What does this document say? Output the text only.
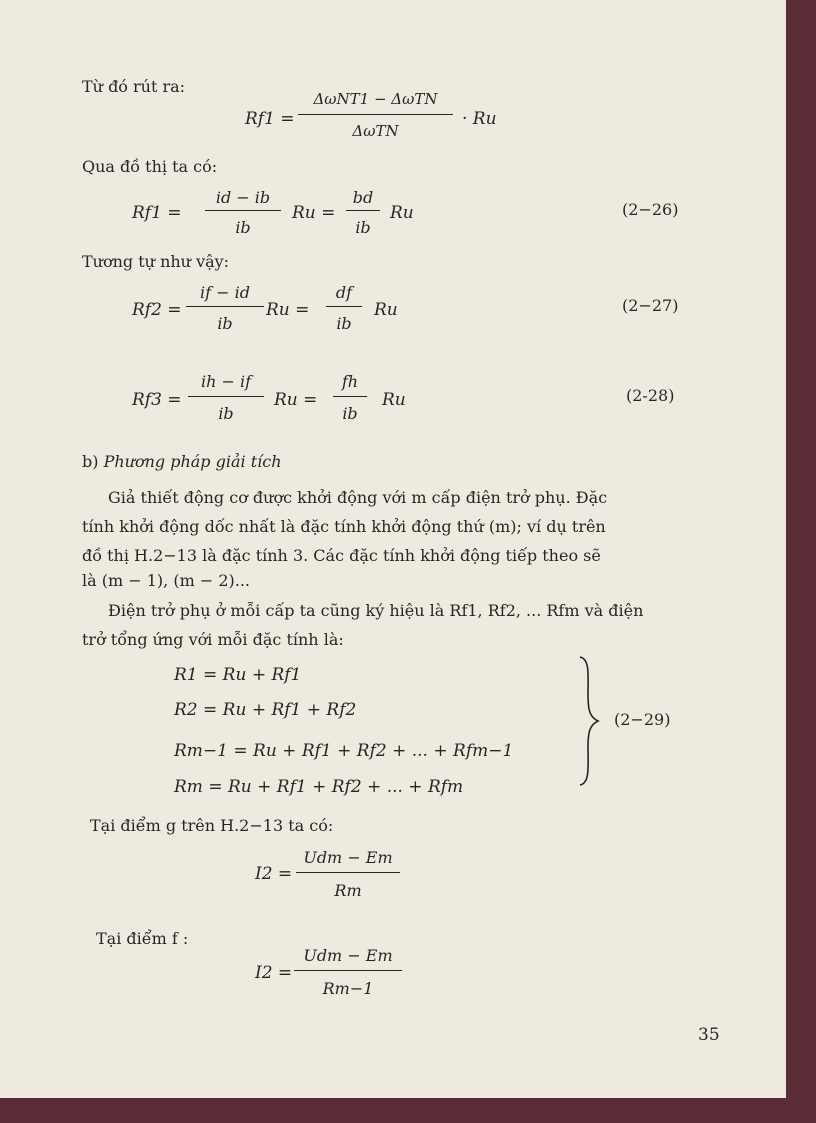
Từ đó rút ra:
Rf1 =
ΔωNT1 − ΔωTN
ΔωTN
· Ru
Qua đồ thị ta có:
Rf1 =
id − ib
ib
Ru =
bd
ib
Ru	(2−26)
Tương tự như vậy:
Rf2 =
if − id
ib
Ru =
df
ib
Ru	(2−27)
Rf3 =
ih − if
ib
Ru =
fh
ib
Ru	(2-28)
b) Phương pháp giải tích
Giả thiết động cơ được khởi động với m cấp điện trở phụ. Đặc
tính khởi động dốc nhất là đặc tính khởi động thứ (m); ví dụ trên
đồ thị H.2−13 là đặc tính 3. Các đặc tính khởi động tiếp theo sẽ
là (m − 1), (m − 2)...
Điện trở phụ ở mỗi cấp ta cũng ký hiệu là Rf1, Rf2, ... Rfm và điện
trở tổng ứng với mỗi đặc tính là:
R1 = Ru + Rf1
R2 = Ru + Rf1 + Rf2
Rm−1 = Ru + Rf1 + Rf2 + ... + Rfm−1
Rm = Ru + Rf1 + Rf2 + ... + Rfm
(2−29)
Tại điểm g trên H.2−13 ta có:
I2 =
Udm − Em
Rm
Tại điểm f :
I2 =
Udm − Em
Rm−1
35
